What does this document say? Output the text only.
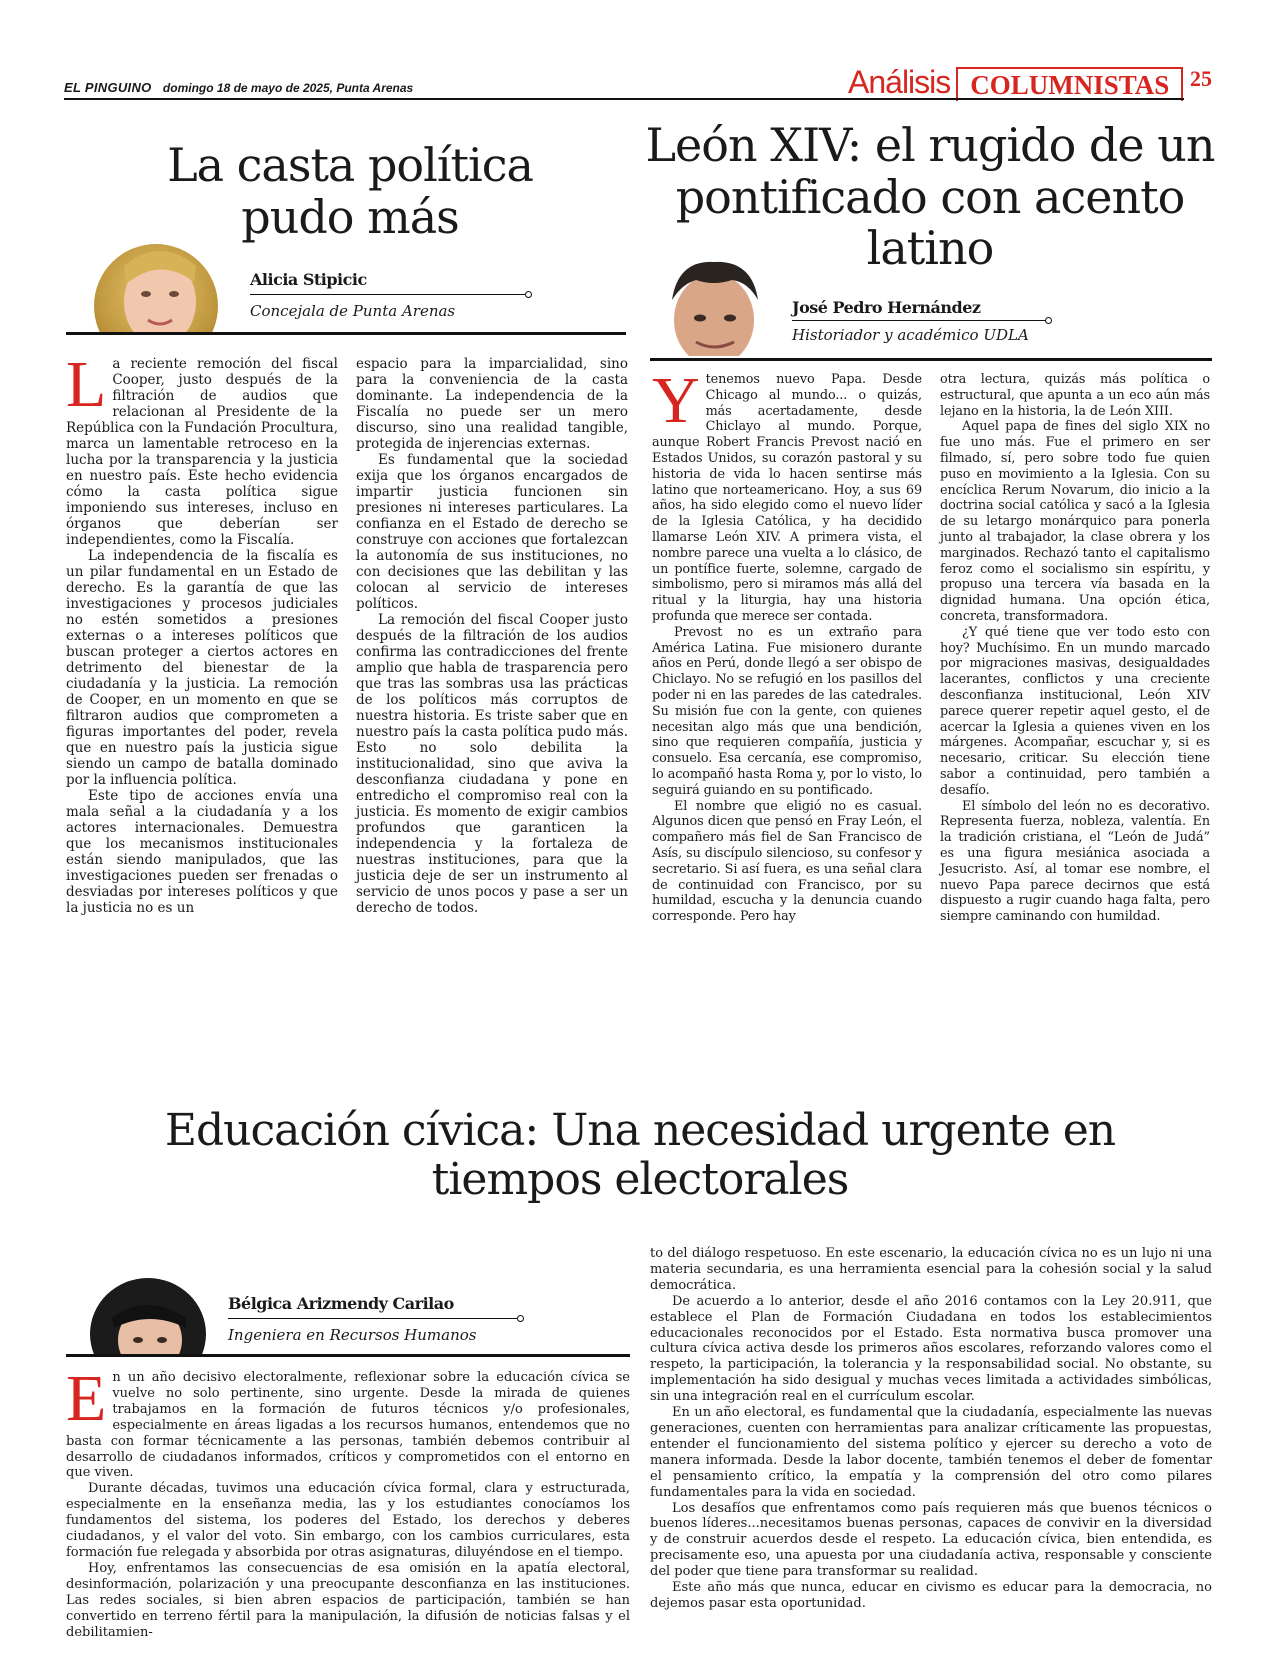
EL PINGUINO domingo 18 de mayo de 2025, Punta Arenas	Análisis COLUMNISTAS 25
La casta política pudo más
Alicia Stipicic
Concejala de Punta Arenas

La reciente remoción del fiscal Cooper, justo después de la filtración de audios que relacionan al Presidente de la República con la Fundación Procultura, marca un lamentable retroceso en la lucha por la transparencia y la justicia en nuestro país. Este hecho evidencia cómo la casta política sigue imponiendo sus intereses, incluso en órganos que deberían ser independientes, como la Fiscalía.

La independencia de la fiscalía es un pilar fundamental en un Estado de derecho. Es la garantía de que las investigaciones y procesos judiciales no estén sometidos a presiones externas o a intereses políticos que buscan proteger a ciertos actores en detrimento del bienestar de la ciudadanía y la justicia. La remoción de Cooper, en un momento en que se filtraron audios que comprometen a figuras importantes del poder, revela que en nuestro país la justicia sigue siendo un campo de batalla dominado por la influencia política.

Este tipo de acciones envía una mala señal a la ciudadanía y a los actores internacionales. Demuestra que los mecanismos institucionales están siendo manipulados, que las investigaciones pueden ser frenadas o desviadas por intereses políticos y que la justicia no es un

espacio para la imparcialidad, sino para la conveniencia de la casta dominante. La independencia de la Fiscalía no puede ser un mero discurso, sino una realidad tangible, protegida de injerencias externas.

Es fundamental que la sociedad exija que los órganos encargados de impartir justicia funcionen sin presiones ni intereses particulares. La confianza en el Estado de derecho se construye con acciones que fortalezcan la autonomía de sus instituciones, no con decisiones que las debilitan y las colocan al servicio de intereses políticos.

La remoción del fiscal Cooper justo después de la filtración de los audios confirma las contradicciones del frente amplio que habla de trasparencia pero que tras las sombras usa las prácticas de los políticos más corruptos de nuestra historia. Es triste saber que en nuestro país la casta política pudo más. Esto no solo debilita la institucionalidad, sino que aviva la desconfianza ciudadana y pone en entredicho el compromiso real con la justicia. Es momento de exigir cambios profundos que garanticen la independencia y la fortaleza de nuestras instituciones, para que la justicia deje de ser un instrumento al servicio de unos pocos y pase a ser un derecho de todos.

León XIV: el rugido de un pontificado con acento latino
José Pedro Hernández
Historiador y académico UDLA

Ytenemos nuevo Papa. Desde Chicago al mundo... o quizás, más acertadamente, desde Chiclayo al mundo. Porque, aunque Robert Francis Prevost nació en Estados Unidos, su corazón pastoral y su historia de vida lo hacen sentirse más latino que norteamericano. Hoy, a sus 69 años, ha sido elegido como el nuevo líder de la Iglesia Católica, y ha decidido llamarse León XIV. A primera vista, el nombre parece una vuelta a lo clásico, de un pontífice fuerte, solemne, cargado de simbolismo, pero si miramos más allá del ritual y la liturgia, hay una historia profunda que merece ser contada.

Prevost no es un extraño para América Latina. Fue misionero durante años en Perú, donde llegó a ser obispo de Chiclayo. No se refugió en los pasillos del poder ni en las paredes de las catedrales. Su misión fue con la gente, con quienes necesitan algo más que una bendición, sino que requieren compañía, justicia y consuelo. Esa cercanía, ese compromiso, lo acompañó hasta Roma y, por lo visto, lo seguirá guiando en su pontificado.

El nombre que eligió no es casual. Algunos dicen que pensó en Fray León, el compañero más fiel de San Francisco de Asís, su discípulo silencioso, su confesor y secretario. Si así fuera, es una señal clara de continuidad con Francisco, por su humildad, escucha y la denuncia cuando corresponde. Pero hay

otra lectura, quizás más política o estructural, que apunta a un eco aún más lejano en la historia, la de León XIII.

Aquel papa de fines del siglo XIX no fue uno más. Fue el primero en ser filmado, sí, pero sobre todo fue quien puso en movimiento a la Iglesia. Con su encíclica Rerum Novarum, dio inicio a la doctrina social católica y sacó a la Iglesia de su letargo monárquico para ponerla junto al trabajador, la clase obrera y los marginados. Rechazó tanto el capitalismo feroz como el socialismo sin espíritu, y propuso una tercera vía basada en la dignidad humana. Una opción ética, concreta, transformadora.

¿Y qué tiene que ver todo esto con hoy? Muchísimo. En un mundo marcado por migraciones masivas, desigualdades lacerantes, conflictos y una creciente desconfianza institucional, León XIV parece querer repetir aquel gesto, el de acercar la Iglesia a quienes viven en los márgenes. Acompañar, escuchar y, si es necesario, criticar. Su elección tiene sabor a continuidad, pero también a desafío.

El símbolo del león no es decorativo. Representa fuerza, nobleza, valentía. En la tradición cristiana, el “León de Judá” es una figura mesiánica asociada a Jesucristo. Así, al tomar ese nombre, el nuevo Papa parece decirnos que está dispuesto a rugir cuando haga falta, pero siempre caminando con humildad.

Educación cívica: Una necesidad urgente en tiempos electorales
Bélgica Arizmendy Carilao
Ingeniera en Recursos Humanos

En un año decisivo electoralmente, reflexionar sobre la educación cívica se vuelve no solo pertinente, sino urgente. Desde la mirada de quienes trabajamos en la formación de futuros técnicos y/o profesionales, especialmente en áreas ligadas a los recursos humanos, entendemos que no basta con formar técnicamente a las personas, también debemos contribuir al desarrollo de ciudadanos informados, críticos y comprometidos con el entorno en que viven.

Durante décadas, tuvimos una educación cívica formal, clara y estructurada, especialmente en la enseñanza media, las y los estudiantes conocíamos los fundamentos del sistema, los poderes del Estado, los derechos y deberes ciudadanos, y el valor del voto. Sin embargo, con los cambios curriculares, esta formación fue relegada y absorbida por otras asignaturas, diluyéndose en el tiempo.

Hoy, enfrentamos las consecuencias de esa omisión en la apatía electoral, desinformación, polarización y una preocupante desconfianza en las instituciones. Las redes sociales, si bien abren espacios de participación, también se han convertido en terreno fértil para la manipulación, la difusión de noticias falsas y el debilitamien-

to del diálogo respetuoso. En este escenario, la educación cívica no es un lujo ni una materia secundaria, es una herramienta esencial para la cohesión social y la salud democrática.

De acuerdo a lo anterior, desde el año 2016 contamos con la Ley 20.911, que establece el Plan de Formación Ciudadana en todos los establecimientos educacionales reconocidos por el Estado. Esta normativa busca promover una cultura cívica activa desde los primeros años escolares, reforzando valores como el respeto, la participación, la tolerancia y la responsabilidad social. No obstante, su implementación ha sido desigual y muchas veces limitada a actividades simbólicas, sin una integración real en el currículum escolar.

En un año electoral, es fundamental que la ciudadanía, especialmente las nuevas generaciones, cuenten con herramientas para analizar críticamente las propuestas, entender el funcionamiento del sistema político y ejercer su derecho a voto de manera informada. Desde la labor docente, también tenemos el deber de fomentar el pensamiento crítico, la empatía y la comprensión del otro como pilares fundamentales para la vida en sociedad.

Los desafíos que enfrentamos como país requieren más que buenos técnicos o buenos líderes...necesitamos buenas personas, capaces de convivir en la diversidad y de construir acuerdos desde el respeto. La educación cívica, bien entendida, es precisamente eso, una apuesta por una ciudadanía activa, responsable y consciente del poder que tiene para transformar su realidad.

Este año más que nunca, educar en civismo es educar para la democracia, no dejemos pasar esta oportunidad.
